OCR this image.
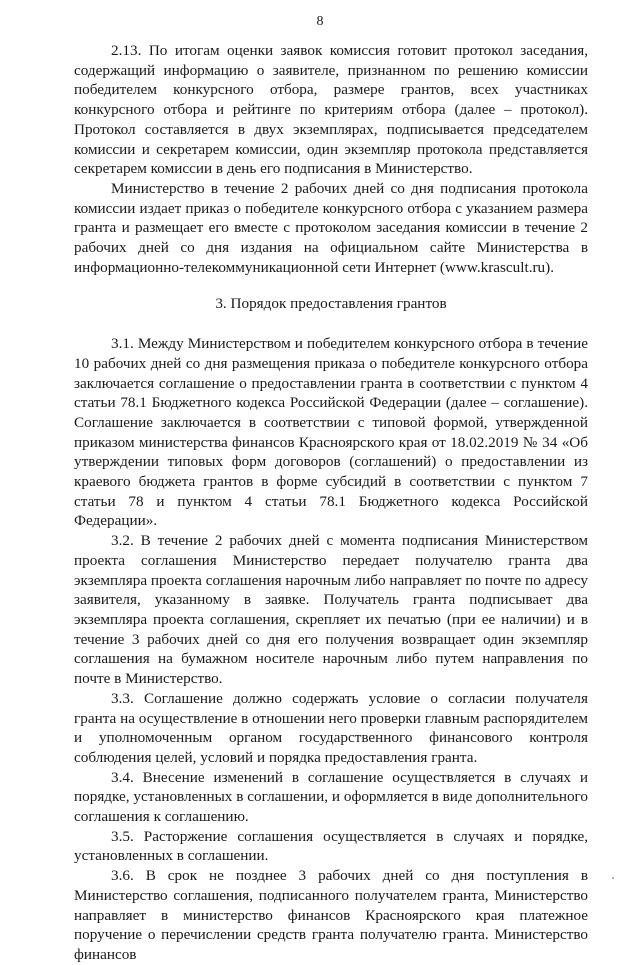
8

2.13. По итогам оценки заявок комиссия готовит протокол заседания, содержащий информацию о заявителе, признанном по решению комиссии победителем конкурсного отбора, размере грантов, всех участниках конкурсного отбора и рейтинге по критериям отбора (далее – протокол). Протокол составляется в двух экземплярах, подписывается председателем комиссии и секретарем комиссии, один экземпляр протокола представляется секретарем комиссии в день его подписания в Министерство.

Министерство в течение 2 рабочих дней со дня подписания протокола комиссии издает приказ о победителе конкурсного отбора с указанием размера гранта и размещает его вместе с протоколом заседания комиссии в течение 2 рабочих дней со дня издания на официальном сайте Министерства в информационно-телекоммуникационной сети Интернет (www.krascult.ru).

3. Порядок предоставления грантов

3.1. Между Министерством и победителем конкурсного отбора в течение 10 рабочих дней со дня размещения приказа о победителе конкурсного отбора заключается соглашение о предоставлении гранта в соответствии с пунктом 4 статьи 78.1 Бюджетного кодекса Российской Федерации (далее – соглашение). Соглашение заключается в соответствии с типовой формой, утвержденной приказом министерства финансов Красноярского края от 18.02.2019 № 34 «Об утверждении типовых форм договоров (соглашений) о предоставлении из краевого бюджета грантов в форме субсидий в соответствии с пунктом 7 статьи 78 и пунктом 4 статьи 78.1 Бюджетного кодекса Российской Федерации».

3.2. В течение 2 рабочих дней с момента подписания Министерством проекта соглашения Министерство передает получателю гранта два экземпляра проекта соглашения нарочным либо направляет по почте по адресу заявителя, указанному в заявке. Получатель гранта подписывает два экземпляра проекта соглашения, скрепляет их печатью (при ее наличии) и в течение 3 рабочих дней со дня его получения возвращает один экземпляр соглашения на бумажном носителе нарочным либо путем направления по почте в Министерство.

3.3. Соглашение должно содержать условие о согласии получателя гранта на осуществление в отношении него проверки главным распорядителем и уполномоченным органом государственного финансового контроля соблюдения целей, условий и порядка предоставления гранта.

3.4. Внесение изменений в соглашение осуществляется в случаях и порядке, установленных в соглашении, и оформляется в виде дополнительного соглашения к соглашению.

3.5. Расторжение соглашения осуществляется в случаях и порядке, установленных в соглашении.

3.6. В срок не позднее 3 рабочих дней со дня поступления в Министерство соглашения, подписанного получателем гранта, Министерство направляет в министерство финансов Красноярского края платежное поручение о перечислении средств гранта получателю гранта. Министерство финансов
